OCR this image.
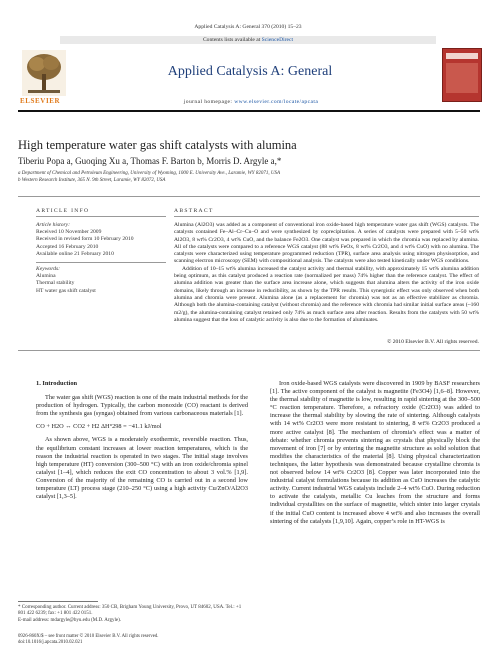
Applied Catalysis A: General 370 (2010) 15–23
Contents lists available at ScienceDirect
ELSEVIER
Applied Catalysis A: General
journal homepage: www.elsevier.com/locate/apcata
High temperature water gas shift catalysts with alumina
Tiberiu Popa a, Guoqing Xu a, Thomas F. Barton b, Morris D. Argyle a,*
a Department of Chemical and Petroleum Engineering, University of Wyoming, 1000 E. University Ave., Laramie, WY 82071, USA
b Western Research Institute, 365 N. 9th Street, Laramie, WY 82072, USA
ARTICLE INFO
Article history:
Received 10 November 2009
Received in revised form 10 February 2010
Accepted 16 February 2010
Available online 21 February 2010
Keywords:
Alumina
Thermal stability
HT water gas shift catalyst
ABSTRACT

Alumina (Al2O3) was added as a component of conventional iron oxide-based high temperature water gas shift (WGS) catalysts. The catalysts contained Fe–Al–Cr–Cu–O and were synthesized by coprecipitation. A series of catalysts were prepared with 5–50 wt% Al2O3, 8 wt% Cr2O3, 4 wt% CuO, and the balance Fe2O3. One catalyst was prepared in which the chromia was replaced by alumina. All of the catalysts were compared to a reference WGS catalyst (88 wt% FeOx, 8 wt% Cr2O3, and 4 wt% CuO) with no alumina. The catalysts were characterized using temperature programmed reduction (TPR), surface area analysis using nitrogen physisorption, and scanning electron microscopy (SEM) with compositional analysis. The catalysts were also tested kinetically under WGS conditions.

Addition of 10–15 wt% alumina increased the catalyst activity and thermal stability, with approximately 15 wt% alumina addition being optimum, as this catalyst produced a reaction rate (normalized per mass) 74% higher than the reference catalyst. The effect of alumina addition was greater than the surface area increase alone, which suggests that alumina alters the activity of the iron oxide domains, likely through an increase in reducibility, as shown by the TPR results. This synergistic effect was only observed when both alumina and chromia were present. Alumina alone (as a replacement for chromia) was not as an effective stabilizer as chromia. Although both the alumina-containing catalyst (without chromia) and the reference with chromia had similar initial surface areas (~160 m2/g), the alumina-containing catalyst retained only 74% as much surface area after reaction. Results from the catalysts with 50 wt% alumina suggest that the loss of catalytic activity is also due to the formation of aluminates.

© 2010 Elsevier B.V. All rights reserved.
1. Introduction

The water gas shift (WGS) reaction is one of the main industrial methods for the production of hydrogen. Typically, the carbon monoxide (CO) reactant is derived from the synthesis gas (syngas) obtained from various carbonaceous materials [1].

CO + H2O ↔ CO2 + H2 ΔH°298 = −41.1 kJ/mol

As shown above, WGS is a moderately exothermic, reversible reaction. Thus, the equilibrium constant increases at lower reaction temperatures, which is the reason the industrial reaction is operated in two stages. The initial stage involves high temperature (HT) conversion (300–500 °C) with an iron oxide/chromia spinel catalyst [1–4], which reduces the exit CO concentration to about 3 vol.% [1,9]. Conversion of the majority of the remaining CO is carried out in a second low temperature (LT) process stage (210–250 °C) using a high activity Cu/ZnO/Al2O3 catalyst [1,3–5].

Iron oxide-based WGS catalysts were discovered in 1909 by BASF researchers [1]. The active component of the catalyst is magnetite (Fe3O4) [1,6–8]. However, the thermal stability of magnetite is low, resulting in rapid sintering at the 300–500 °C reaction temperature. Therefore, a refractory oxide (Cr2O3) was added to increase the thermal stability by slowing the rate of sintering. Although catalysts with 14 wt% Cr2O3 were more resistant to sintering, 8 wt% Cr2O3 produced a more active catalyst [8]. The mechanism of chromia’s effect was a matter of debate: whether chromia prevents sintering as crystals that physically block the movement of iron [7] or by entering the magnetite structure as solid solution that modifies the characteristics of the material [8]. Using physical characterization techniques, the latter hypothesis was demonstrated because crystalline chromia is not observed below 14 wt% Cr2O3 [8]. Copper was later incorporated into the industrial catalyst formulations because its addition as CuO increases the catalytic activity. Current industrial WGS catalysts include 2–4 wt% CuO. During reduction to activate the catalysts, metallic Cu leaches from the structure and forms individual crystallites on the surface of magnetite, which sinter into larger crystals if the initial CuO content is increased above 4 wt% and also increases the overall sintering of the catalysts [1,9,10]. Again, copper’s role in HT-WGS is

* Corresponding author. Current address: 350 CB, Brigham Young University, Provo, UT 84602, USA. Tel.: +1 801 422 6239; fax: +1 801 422 0151.
E-mail address: mdargyle@byu.edu (M.D. Argyle).
0926-860X/$ – see front matter © 2010 Elsevier B.V. All rights reserved.
doi:10.1016/j.apcata.2010.02.021
